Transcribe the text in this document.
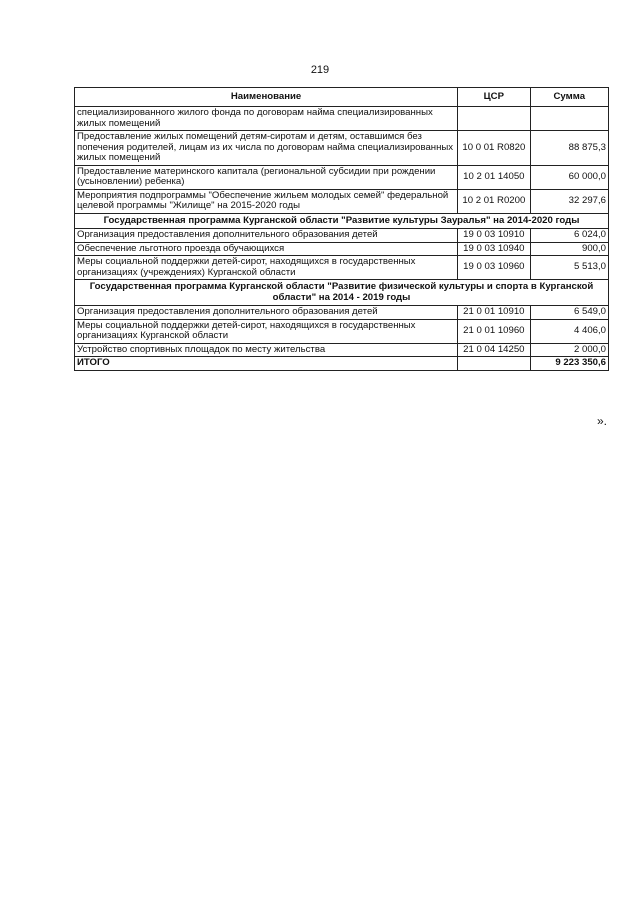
219
Наименование	ЦСР	Сумма
специализированного жилого фонда по договорам найма специализированных жилых помещений		
Предоставление жилых помещений детям-сиротам и детям, оставшимся без попечения родителей, лицам из их числа по договорам найма специализированных жилых помещений	10 0 01 R0820	88 875,3
Предоставление материнского капитала (региональной субсидии при рождении (усыновлении) ребенка)	10 2 01 14050	60 000,0
Мероприятия подпрограммы "Обеспечение жильем молодых семей" федеральной целевой программы "Жилище" на 2015-2020 годы	10 2 01 R0200	32 297,6
Государственная программа Курганской области "Развитие культуры Зауралья" на 2014-2020 годы		
Организация предоставления дополнительного образования детей	19 0 03 10910	6 024,0
Обеспечение льготного проезда обучающихся	19 0 03 10940	900,0
Меры социальной поддержки детей-сирот, находящихся в государственных организациях (учреждениях) Курганской области	19 0 03 10960	5 513,0
Государственная программа Курганской области "Развитие физической культуры и спорта в Курганской области" на 2014 - 2019 годы		
Организация предоставления дополнительного образования детей	21 0 01 10910	6 549,0
Меры социальной поддержки детей-сирот, находящихся в государственных организациях Курганской области	21 0 01 10960	4 406,0
Устройство спортивных площадок по месту жительства	21 0 04 14250	2 000,0
ИТОГО		9 223 350,6
».
